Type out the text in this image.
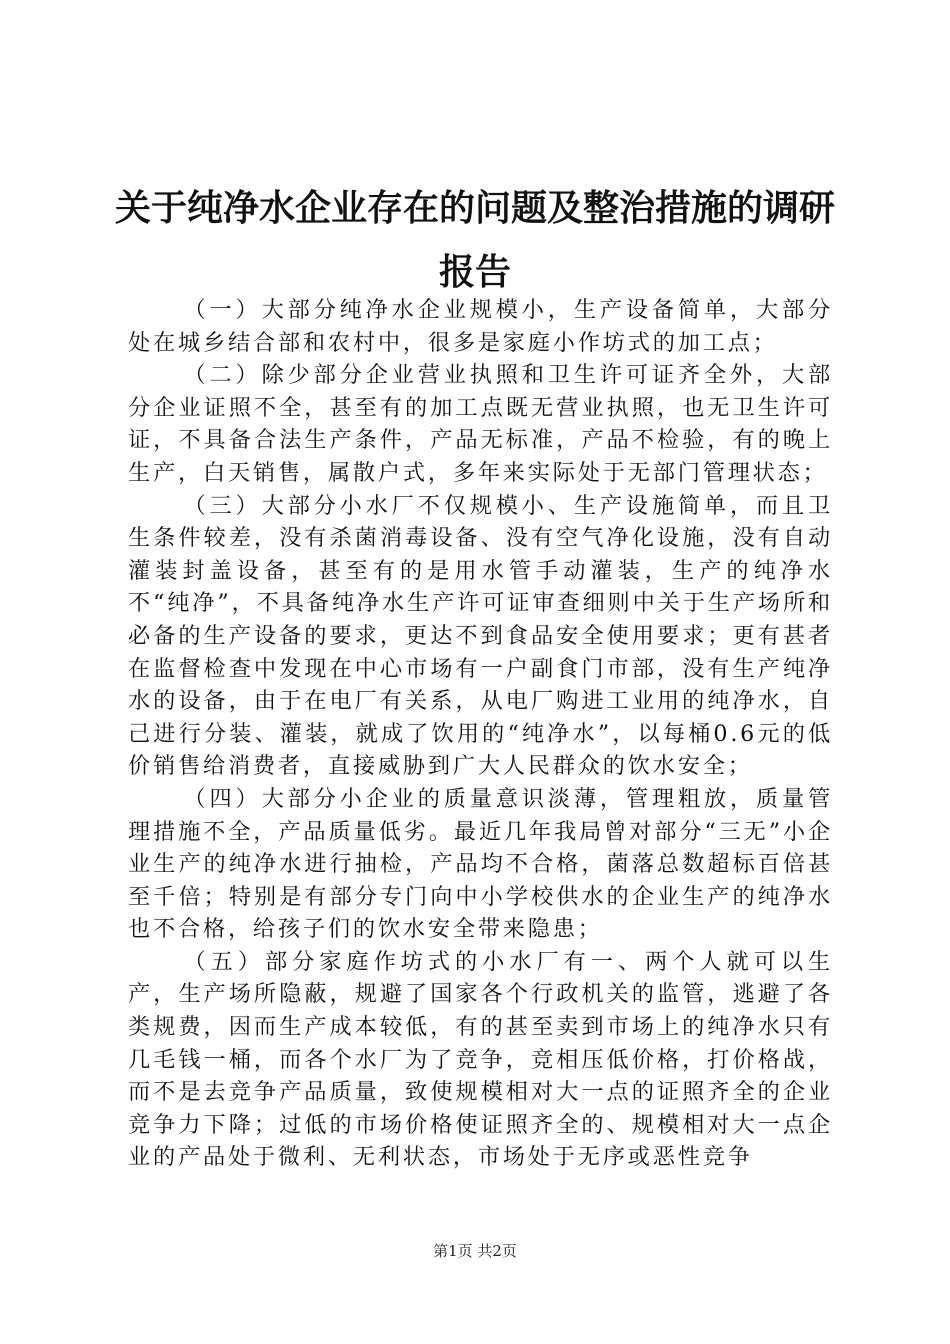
关于纯净水企业存在的问题及整治措施的调研报告

（一）大部分纯净水企业规模小，生产设备简单，大部分处在城乡结合部和农村中，很多是家庭小作坊式的加工点；

（二）除少部分企业营业执照和卫生许可证齐全外，大部分企业证照不全，甚至有的加工点既无营业执照，也无卫生许可证，不具备合法生产条件，产品无标准，产品不检验，有的晚上生产，白天销售，属散户式，多年来实际处于无部门管理状态；

（三）大部分小水厂不仅规模小、生产设施简单，而且卫生条件较差，没有杀菌消毒设备、没有空气净化设施，没有自动灌装封盖设备，甚至有的是用水管手动灌装，生产的纯净水不“纯净”，不具备纯净水生产许可证审查细则中关于生产场所和必备的生产设备的要求，更达不到食品安全使用要求；更有甚者在监督检查中发现在中心市场有一户副食门市部，没有生产纯净水的设备，由于在电厂有关系，从电厂购进工业用的纯净水，自己进行分装、灌装，就成了饮用的“纯净水”，以每桶0.6元的低价销售给消费者，直接威胁到广大人民群众的饮水安全；

（四）大部分小企业的质量意识淡薄，管理粗放，质量管理措施不全，产品质量低劣。最近几年我局曾对部分“三无”小企业生产的纯净水进行抽检，产品均不合格，菌落总数超标百倍甚至千倍；特别是有部分专门向中小学校供水的企业生产的纯净水也不合格，给孩子们的饮水安全带来隐患；

（五）部分家庭作坊式的小水厂有一、两个人就可以生产，生产场所隐蔽，规避了国家各个行政机关的监管，逃避了各类规费，因而生产成本较低，有的甚至卖到市场上的纯净水只有几毛钱一桶，而各个水厂为了竞争，竞相压低价格，打价格战，而不是去竞争产品质量，致使规模相对大一点的证照齐全的企业竞争力下降；过低的市场价格使证照齐全的、规模相对大一点企业的产品处于微利、无利状态，市场处于无序或恶性竞争

第1页 共2页
